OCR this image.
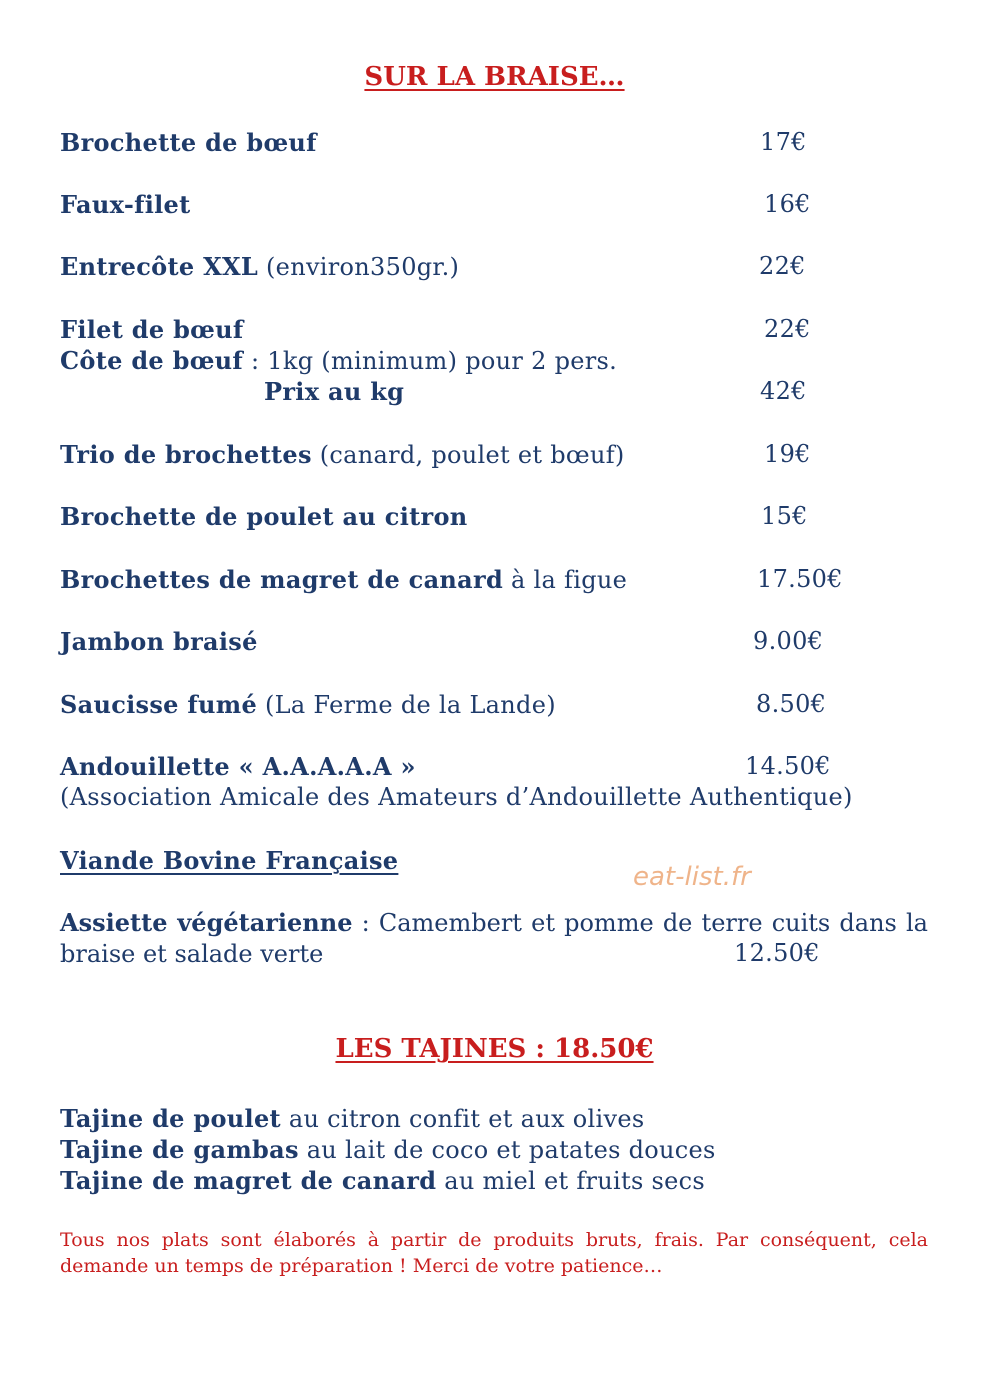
SUR LA BRAISE…
Brochette de bœuf	17€
Faux-filet	16€
Entrecôte XXL (environ350gr.)	22€
Filet de bœuf	22€
Côte de bœuf : 1kg (minimum) pour 2 pers.
Prix au kg	42€
Trio de brochettes (canard, poulet et bœuf)	19€
Brochette de poulet au citron	15€
Brochettes de magret de canard à la figue	17.50€
Jambon braisé	9.00€
Saucisse fumé (La Ferme de la Lande)	8.50€
Andouillette « A.A.A.A.A »	14.50€
(Association Amicale des Amateurs d’Andouillette Authentique)
Viande Bovine Française
eat-list.fr
Assiette végétarienne : Camembert et pomme de terre cuits dans la braise et salade verte	12.50€
LES TAJINES : 18.50€
Tajine de poulet au citron confit et aux olives
Tajine de gambas au lait de coco et patates douces
Tajine de magret de canard au miel et fruits secs
Tous nos plats sont élaborés à partir de produits bruts, frais. Par conséquent, cela demande un temps de préparation ! Merci de votre patience…
